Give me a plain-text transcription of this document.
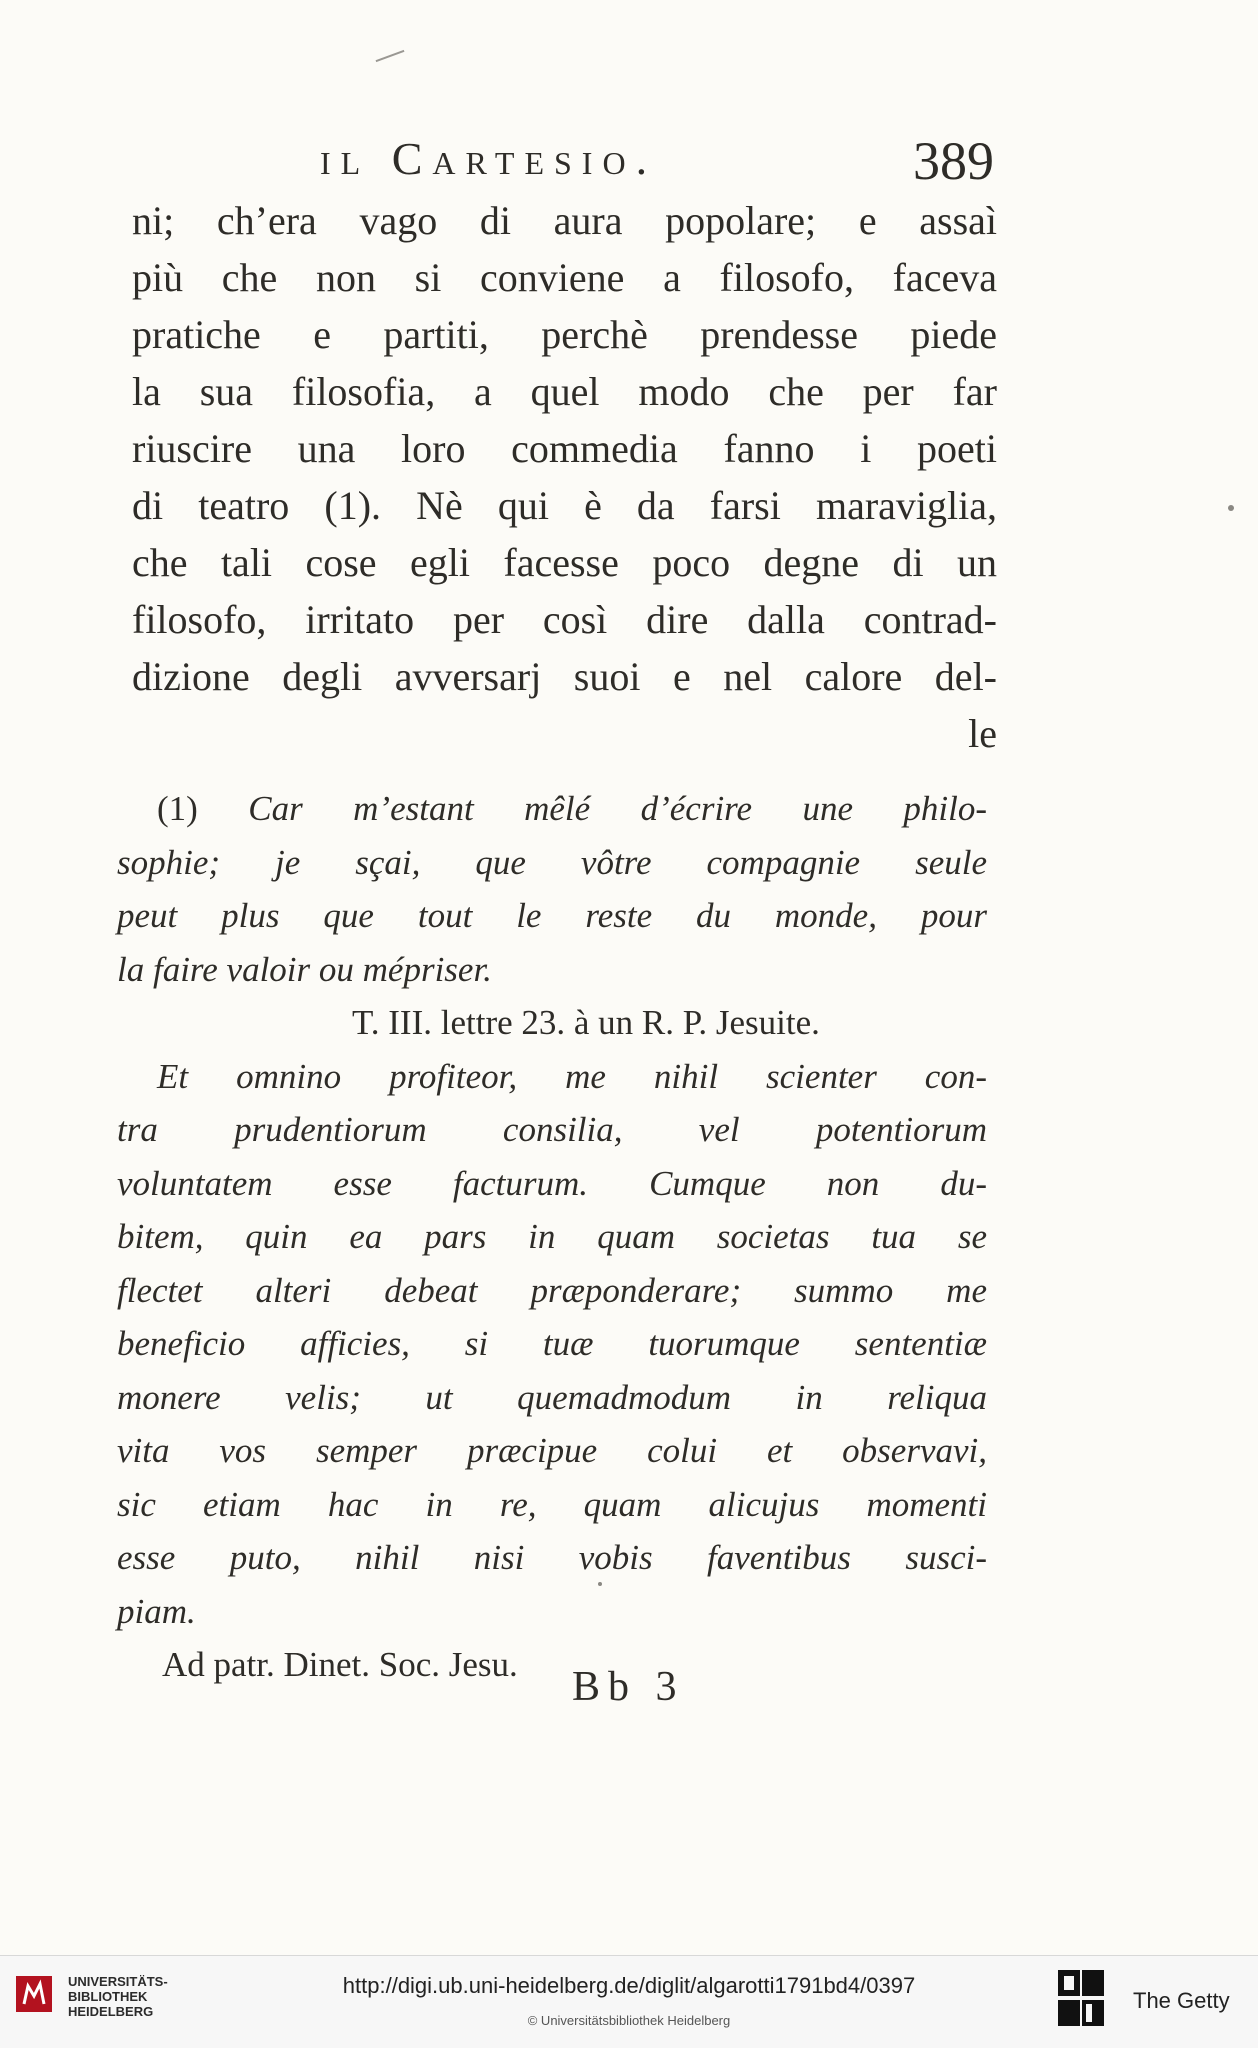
il Cartesio.	389
ni; ch’era vago di aura popolare; e assaì
più che non si conviene a filosofo, faceva
pratiche e partiti, perchè prendesse piede
la sua filosofia, a quel modo che per far
riuscire una loro commedia fanno i poeti
di teatro (1). Nè qui è da farsi maraviglia,
che tali cose egli facesse poco degne di un
filosofo, irritato per così dire dalla contrad-
dizione degli avversarj suoi e nel calore del-
le
(1) Car m’estant mêlé d’écrire une philo-
sophie; je sçai, que vôtre compagnie seule
peut plus que tout le reste du monde, pour
la faire valoir ou mépriser.
T. III. lettre 23. à un R. P. Jesuite.
Et omnino profiteor, me nihil scienter con-
tra prudentiorum consilia, vel potentiorum
voluntatem esse facturum. Cumque non du-
bitem, quin ea pars in quam societas tua se
flectet alteri debeat præponderare; summo me
beneficio afficies, si tuæ tuorumque sententiæ
monere velis; ut quemadmodum in reliqua
vita vos semper præcipue colui et observavi,
sic etiam hac in re, quam alicujus momenti
esse puto, nihil nisi vobis faventibus susci-
piam.
Ad patr. Dinet. Soc. Jesu.	Bb 3
UNIVERSITÄTS-
BIBLIOTHEK
HEIDELBERG
http://digi.ub.uni-heidelberg.de/diglit/algarotti1791bd4/0397
© Universitätsbibliothek Heidelberg
The Getty
